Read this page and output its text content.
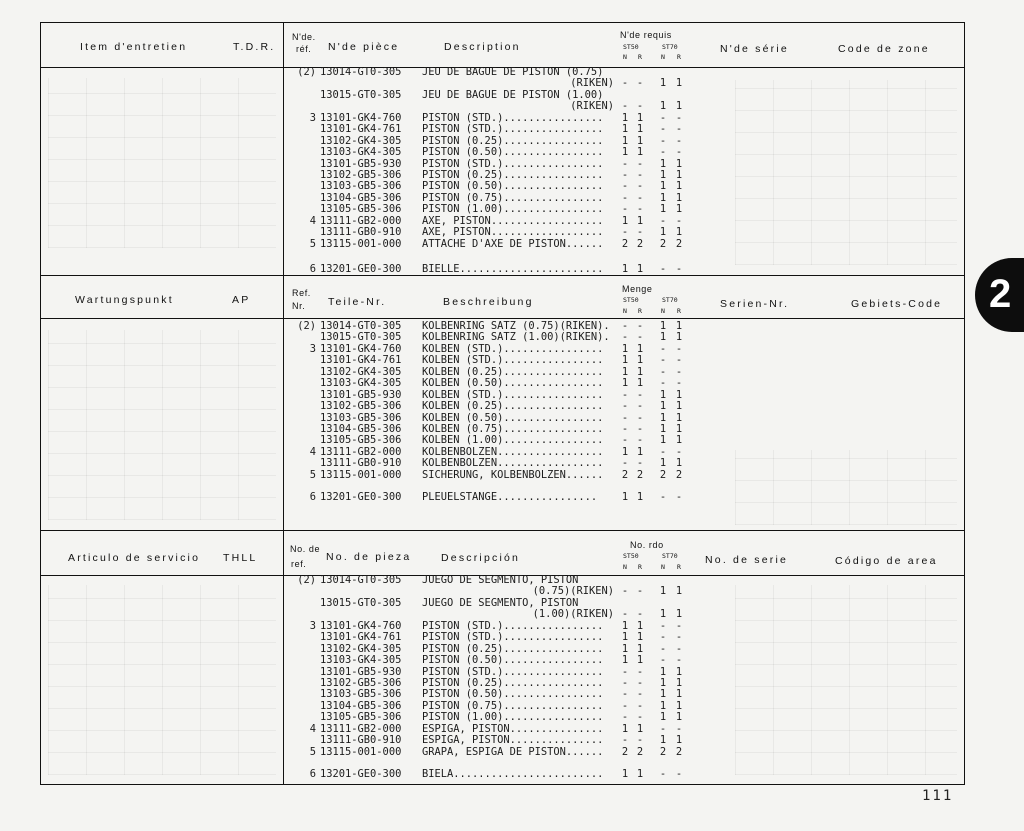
Item d'entretien	T.D.R.
N'de.
réf. N'de pièce	Description
N'de requis
ST50	ST70
N R	N R
N'de série	Code de zone
(2) 13014-GT0-305	JEU DE BAGUE DE PISTON (0.75)
(RIKEN) - -	1 1
13015-GT0-305	JEU DE BAGUE DE PISTON (1.00)
(RIKEN) - -	1 1
3 13101-GK4-760	PISTON (STD.)................	1 1	- -
13101-GK4-761	PISTON (STD.)................	1 1	- -
13102-GK4-305	PISTON (0.25)................	1 1	- -
13103-GK4-305	PISTON (0.50)................	1 1	- -
13101-GB5-930	PISTON (STD.)................	- -	1 1
13102-GB5-306	PISTON (0.25)................	- -	1 1
13103-GB5-306	PISTON (0.50)................	- -	1 1
13104-GB5-306	PISTON (0.75)................	- -	1 1
13105-GB5-306	PISTON (1.00)................	- -	1 1
4 13111-GB2-000	AXE, PISTON..................	1 1	- -
13111-GB0-910	AXE, PISTON..................	- -	1 1
5 13115-001-000	ATTACHE D'AXE DE PISTON......	2 2	2 2
6 13201-GE0-300	BIELLE.......................	1 1	- -
Wartungspunkt	AP
Ref.
Nr. Teile-Nr.	Beschreibung
Menge
ST50	ST70
N R	N R
Serien-Nr.	Gebiets-Code
(2) 13014-GT0-305	KOLBENRING SATZ (0.75)(RIKEN).	- -	1 1
13015-GT0-305	KOLBENRING SATZ (1.00)(RIKEN).	- -	1 1
3 13101-GK4-760	KOLBEN (STD.)................	1 1	- -
13101-GK4-761	KOLBEN (STD.)................	1 1	- -
13102-GK4-305	KOLBEN (0.25)................	1 1	- -
13103-GK4-305	KOLBEN (0.50)................	1 1	- -
13101-GB5-930	KOLBEN (STD.)................	- -	1 1
13102-GB5-306	KOLBEN (0.25)................	- -	1 1
13103-GB5-306	KOLBEN (0.50)................	- -	1 1
13104-GB5-306	KOLBEN (0.75)................	- -	1 1
13105-GB5-306	KOLBEN (1.00)................	- -	1 1
4 13111-GB2-000	KOLBENBOLZEN.................	1 1	- -
13111-GB0-910	KOLBENBOLZEN.................	- -	1 1
5 13115-001-000	SICHERUNG, KOLBENBOLZEN......	2 2	2 2
6 13201-GE0-300	PLEUELSTANGE................	1 1	- -
Articulo de servicio THLL
No. de
ref.
No. de pieza	Descripción
No. rdo
ST50	ST70
N R	N R
No. de serie	Código de area
(2) 13014-GT0-305	JUEGO DE SEGMENTO, PISTON
(0.75)(RIKEN) - -	1 1
13015-GT0-305	JUEGO DE SEGMENTO, PISTON
(1.00)(RIKEN) - -	1 1
3 13101-GK4-760	PISTON (STD.)................	1 1	- -
13101-GK4-761	PISTON (STD.)................	1 1	- -
13102-GK4-305	PISTON (0.25)................	1 1	- -
13103-GK4-305	PISTON (0.50)................	1 1	- -
13101-GB5-930	PISTON (STD.)................	- -	1 1
13102-GB5-306	PISTON (0.25)................	- -	1 1
13103-GB5-306	PISTON (0.50)................	- -	1 1
13104-GB5-306	PISTON (0.75)................	- -	1 1
13105-GB5-306	PISTON (1.00)................	- -	1 1
4 13111-GB2-000	ESPIGA, PISTON...............	1 1	- -
13111-GB0-910	ESPIGA, PISTON...............	- -	1 1
5 13115-001-000	GRAPA, ESPIGA DE PISTON......	2 2	2 2
6 13201-GE0-300	BIELA........................	1 1	- -
2
111
